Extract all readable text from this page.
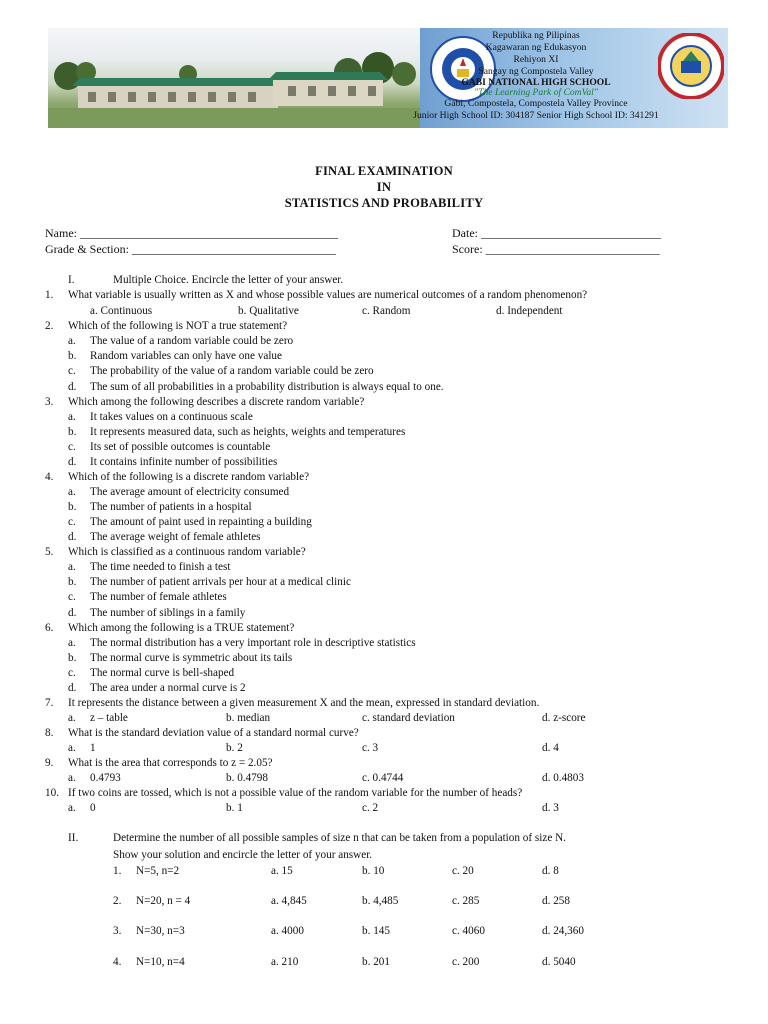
Republika ng Pilipinas
Kagawaran ng Edukasyon
Rehiyon XI
Sangay ng Compostela Valley
GABI NATIONAL HIGH SCHOOL
"The Learning Park of ComVal"
Gabi, Compostela, Compostela Valley Province
Junior High School ID: 304187 Senior High School ID: 341291
FINAL EXAMINATION
IN
STATISTICS AND PROBABILITY
Name: ___________________________________________	Date: ______________________________
Grade & Section: __________________________________	Score: _____________________________
I.	Multiple Choice. Encircle the letter of your answer.
1. What variable is usually written as X and whose possible values are numerical outcomes of a random phenomenon?
a. Continuous	b. Qualitative	c. Random	d. Independent
2. Which of the following is NOT a true statement?
a. The value of a random variable could be zero
b. Random variables can only have one value
c. The probability of the value of a random variable could be zero
d. The sum of all probabilities in a probability distribution is always equal to one.
3. Which among the following describes a discrete random variable?
a. It takes values on a continuous scale
b. It represents measured data, such as heights, weights and temperatures
c. Its set of possible outcomes is countable
d. It contains infinite number of possibilities
4. Which of the following is a discrete random variable?
a. The average amount of electricity consumed
b. The number of patients in a hospital
c. The amount of paint used in repainting a building
d. The average weight of female athletes
5. Which is classified as a continuous random variable?
a. The time needed to finish a test
b. The number of patient arrivals per hour at a medical clinic
c. The number of female athletes
d. The number of siblings in a family
6. Which among the following is a TRUE statement?
a. The normal distribution has a very important role in descriptive statistics
b. The normal curve is symmetric about its tails
c. The normal curve is bell-shaped
d. The area under a normal curve is 2
7. It represents the distance between a given measurement X and the mean, expressed in standard deviation.
a. z – table	b. median	c. standard deviation	d. z-score
8. What is the standard deviation value of a standard normal curve?
a. 1	b. 2	c. 3	d. 4
9. What is the area that corresponds to z = 2.05?
a. 0.4793	b. 0.4798	c. 0.4744	d. 0.4803
10. If two coins are tossed, which is not a possible value of the random variable for the number of heads?
a. 0	b. 1	c. 2	d. 3
II.	Determine the number of all possible samples of size n that can be taken from a population of size N.
Show your solution and encircle the letter of your answer.
1. N=5, n=2	a. 15	b. 10	c. 20	d. 8
2. N=20, n = 4	a. 4,845	b. 4,485	c. 285	d. 258
3. N=30, n=3	a. 4000	b. 145	c. 4060	d. 24,360
4. N=10, n=4	a. 210	b. 201	c. 200	d. 5040
